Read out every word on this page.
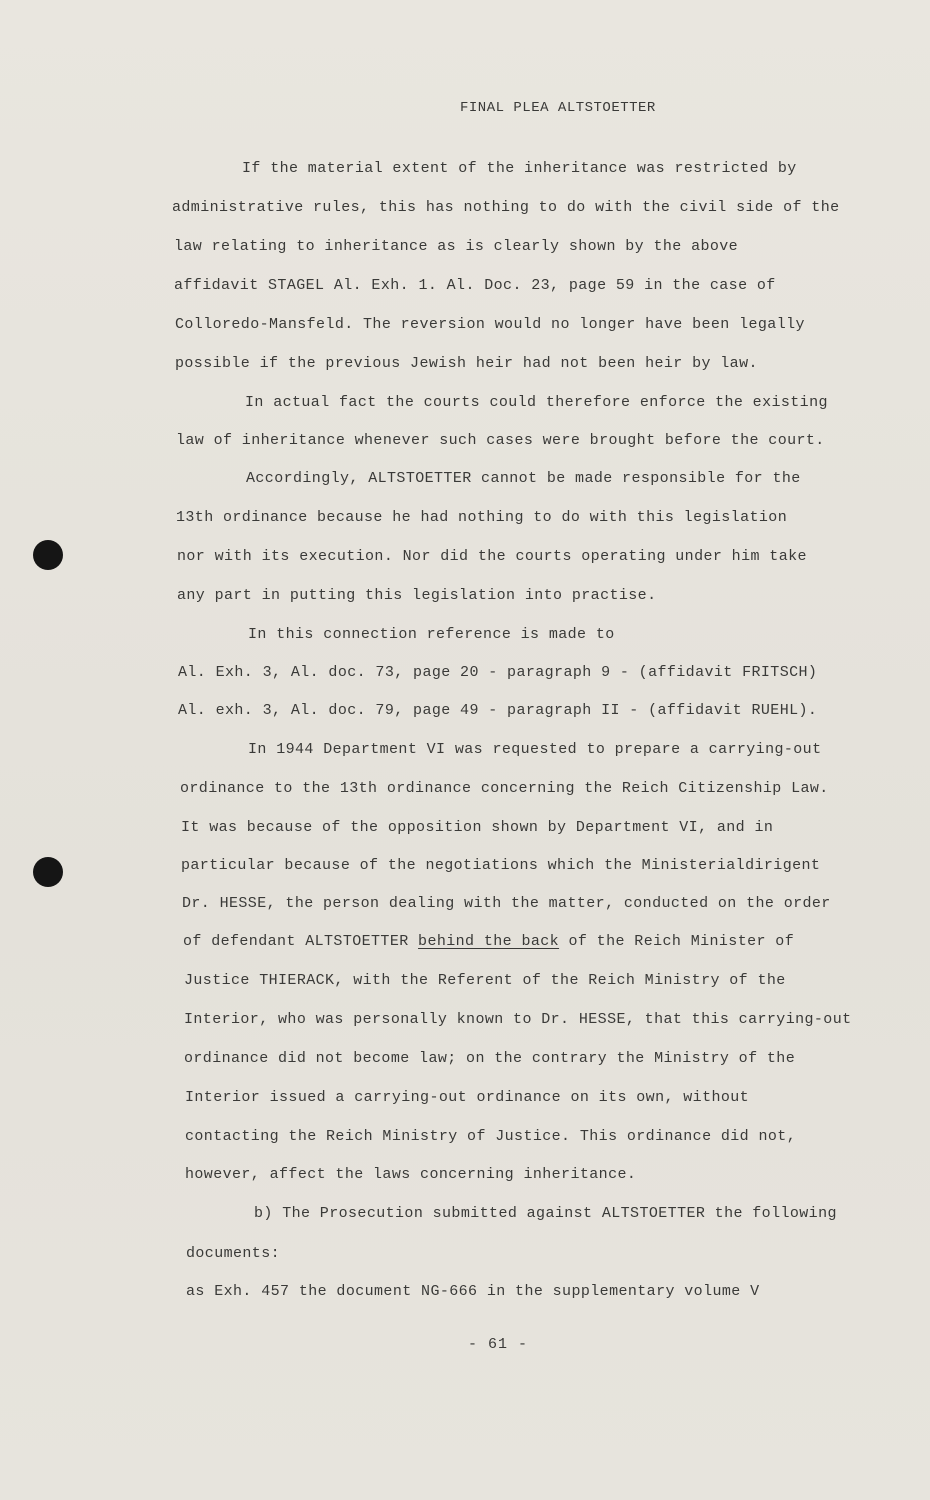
FINAL PLEA ALTSTOETTER
If the material extent of the inheritance was restricted by
administrative rules, this has nothing to do with the civil side of the
law relating to inheritance as is clearly shown by the above
affidavit STAGEL Al. Exh. 1. Al. Doc. 23, page 59 in the case of
Colloredo-Mansfeld. The reversion would no longer have been legally
possible if the previous Jewish heir had not been heir by law.
In actual fact the courts could therefore enforce the existing
law of inheritance whenever such cases were brought before the court.
Accordingly, ALTSTOETTER cannot be made responsible for the
13th ordinance because he had nothing to do with this legislation
nor with its execution. Nor did the courts operating under him take
any part in putting this legislation into practise.
In this connection reference is made to
Al. Exh. 3, Al. doc. 73, page 20 - paragraph 9 - (affidavit FRITSCH)
Al. exh. 3, Al. doc. 79, page 49 - paragraph II - (affidavit RUEHL).
In 1944 Department VI was requested to prepare a carrying-out
ordinance to the 13th ordinance concerning the Reich Citizenship Law.
It was because of the opposition shown by Department VI, and in
particular because of the negotiations which the Ministerialdirigent
Dr. HESSE, the person dealing with the matter, conducted on the order
of defendant ALTSTOETTER behind the back of the Reich Minister of
Justice THIERACK, with the Referent of the Reich Ministry of the
Interior, who was personally known to Dr. HESSE, that this carrying-out
ordinance did not become law; on the contrary the Ministry of the
Interior issued a carrying-out ordinance on its own, without
contacting the Reich Ministry of Justice. This ordinance did not,
however, affect the laws concerning inheritance.
b) The Prosecution submitted against ALTSTOETTER the following
documents:
as Exh. 457 the document NG-666 in the supplementary volume V
- 61 -
